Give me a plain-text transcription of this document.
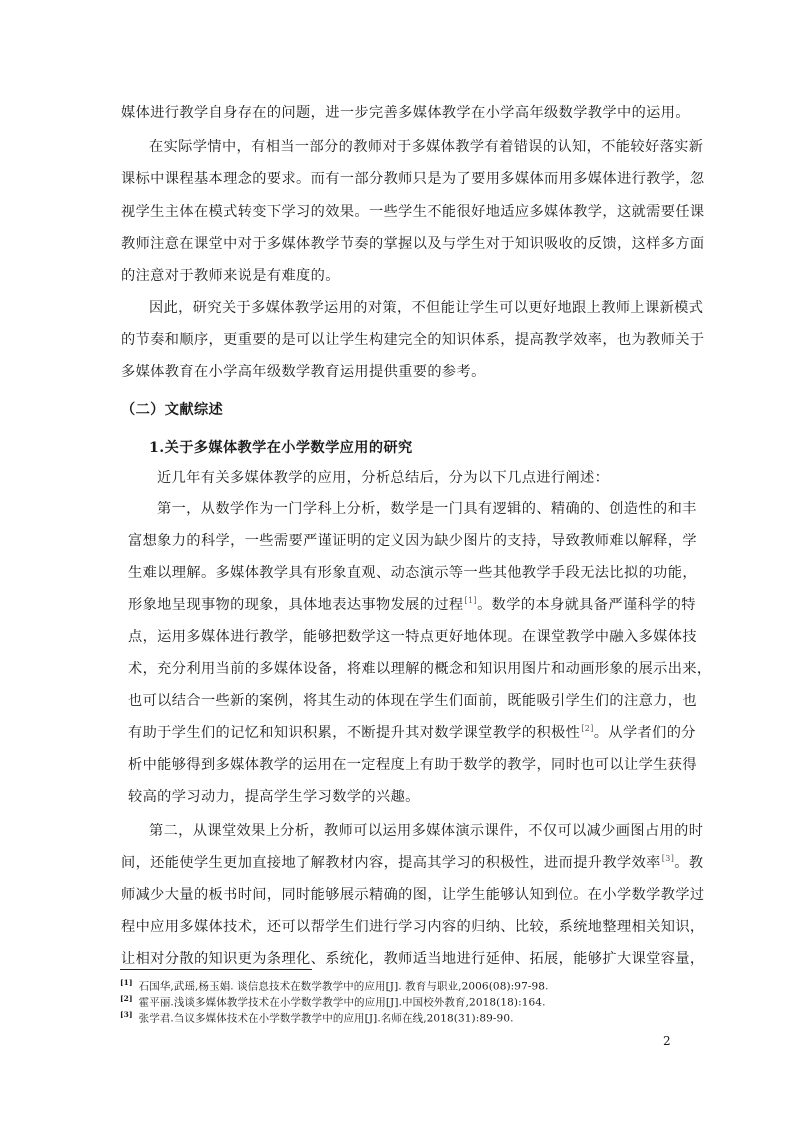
媒体进行教学自身存在的问题，进一步完善多媒体教学在小学高年级数学教学中的运用。
在实际学情中，有相当一部分的教师对于多媒体教学有着错误的认知，不能较好落实新
课标中课程基本理念的要求。而有一部分教师只是为了要用多媒体而用多媒体进行教学，忽
视学生主体在模式转变下学习的效果。一些学生不能很好地适应多媒体教学，这就需要任课
教师注意在课堂中对于多媒体教学节奏的掌握以及与学生对于知识吸收的反馈，这样多方面
的注意对于教师来说是有难度的。
因此，研究关于多媒体教学运用的对策，不但能让学生可以更好地跟上教师上课新模式
的节奏和顺序，更重要的是可以让学生构建完全的知识体系，提高教学效率，也为教师关于
多媒体教育在小学高年级数学教育运用提供重要的参考。
（二）文献综述
1.关于多媒体教学在小学数学应用的研究
近几年有关多媒体教学的应用，分析总结后，分为以下几点进行阐述：
第一，从数学作为一门学科上分析，数学是一门具有逻辑的、精确的、创造性的和丰
富想象力的科学，一些需要严谨证明的定义因为缺少图片的支持，导致教师难以解释，学
生难以理解。多媒体教学具有形象直观、动态演示等一些其他教学手段无法比拟的功能，
形象地呈现事物的现象，具体地表达事物发展的过程[1]。数学的本身就具备严谨科学的特
点，运用多媒体进行教学，能够把数学这一特点更好地体现。在课堂教学中融入多媒体技
术，充分利用当前的多媒体设备，将难以理解的概念和知识用图片和动画形象的展示出来，
也可以结合一些新的案例，将其生动的体现在学生们面前，既能吸引学生们的注意力，也
有助于学生们的记忆和知识积累，不断提升其对数学课堂教学的积极性[2]。从学者们的分
析中能够得到多媒体教学的运用在一定程度上有助于数学的教学，同时也可以让学生获得
较高的学习动力，提高学生学习数学的兴趣。
第二，从课堂效果上分析，教师可以运用多媒体演示课件，不仅可以减少画图占用的时
间，还能使学生更加直接地了解教材内容，提高其学习的积极性，进而提升教学效率[3]。教
师减少大量的板书时间，同时能够展示精确的图，让学生能够认知到位。在小学数学教学过
程中应用多媒体技术，还可以帮学生们进行学习内容的归纳、比较，系统地整理相关知识，
让相对分散的知识更为条理化、系统化，教师适当地进行延伸、拓展，能够扩大课堂容量，
[1] 石国华,武瑶,杨玉娟. 谈信息技术在数学教学中的应用[J]. 教育与职业,2006(08):97-98.
[2] 霍平丽.浅谈多媒体教学技术在小学数学教学中的应用[J].中国校外教育,2018(18):164.
[3] 张学君.刍议多媒体技术在小学数学教学中的应用[J].名师在线,2018(31):89-90.
2
